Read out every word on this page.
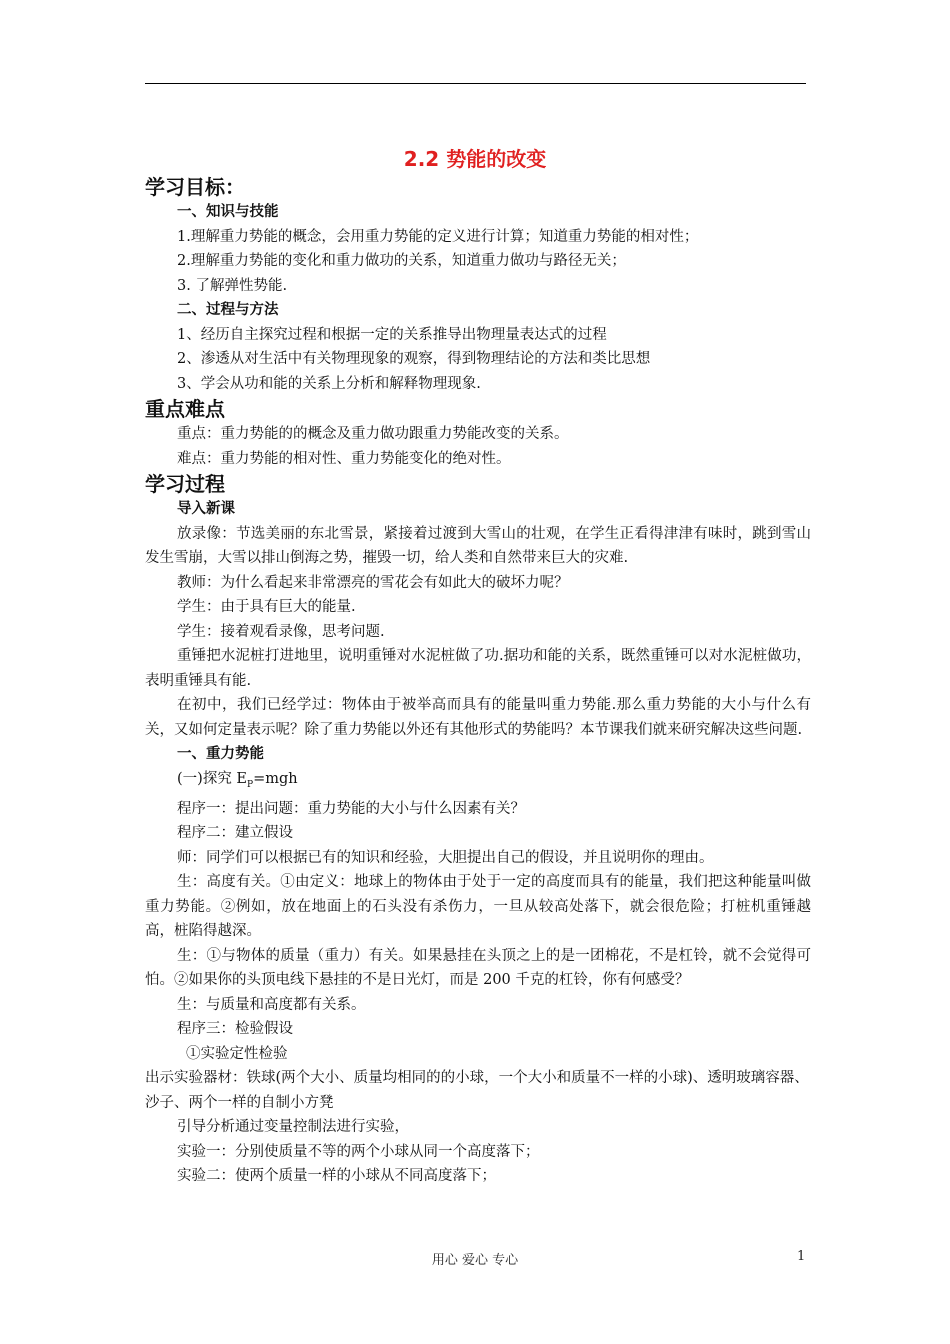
2.2 势能的改变
学习目标：
一、知识与技能
1.理解重力势能的概念，会用重力势能的定义进行计算；知道重力势能的相对性；
2.理解重力势能的变化和重力做功的关系，知道重力做功与路径无关；
3. 了解弹性势能.
二、过程与方法
1、经历自主探究过程和根据一定的关系推导出物理量表达式的过程
2、渗透从对生活中有关物理现象的观察，得到物理结论的方法和类比思想
3、学会从功和能的关系上分析和解释物理现象.
重点难点
重点：重力势能的的概念及重力做功跟重力势能改变的关系。
难点：重力势能的相对性、重力势能变化的绝对性。
学习过程
导入新课
放录像：节选美丽的东北雪景，紧接着过渡到大雪山的壮观，在学生正看得津津有味时，跳到雪山发生雪崩，大雪以排山倒海之势，摧毁一切，给人类和自然带来巨大的灾难.
教师：为什么看起来非常漂亮的雪花会有如此大的破坏力呢？
学生：由于具有巨大的能量.
学生：接着观看录像，思考问题.
重锤把水泥桩打进地里，说明重锤对水泥桩做了功.据功和能的关系，既然重锤可以对水泥桩做功，表明重锤具有能.
在初中，我们已经学过：物体由于被举高而具有的能量叫重力势能.那么重力势能的大小与什么有关，又如何定量表示呢？除了重力势能以外还有其他形式的势能吗？本节课我们就来研究解决这些问题.
一、重力势能
(一)探究 $E_P=mgh$
程序一：提出问题：重力势能的大小与什么因素有关？
程序二：建立假设
师：同学们可以根据已有的知识和经验，大胆提出自己的假设，并且说明你的理由。
生：高度有关。①由定义：地球上的物体由于处于一定的高度而具有的能量，我们把这种能量叫做重力势能。②例如，放在地面上的石头没有杀伤力，一旦从较高处落下，就会很危险；打桩机重锤越高，桩陷得越深。
生：①与物体的质量（重力）有关。如果悬挂在头顶之上的是一团棉花，不是杠铃，就不会觉得可怕。②如果你的头顶电线下悬挂的不是日光灯，而是 200 千克的杠铃，你有何感受？
生：与质量和高度都有关系。
程序三：检验假设
①实验定性检验
出示实验器材：铁球(两个大小、质量均相同的的小球，一个大小和质量不一样的小球)、透明玻璃容器、沙子、两个一样的自制小方凳
引导分析通过变量控制法进行实验，
实验一：分别使质量不等的两个小球从同一个高度落下；
实验二：使两个质量一样的小球从不同高度落下；
用心 爱心 专心	1
